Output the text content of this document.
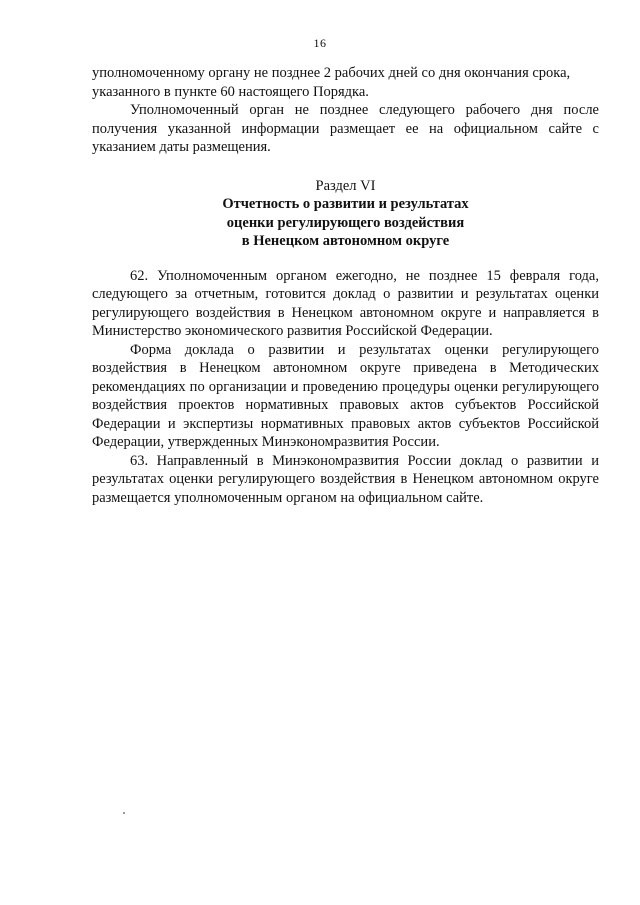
16

уполномоченному органу не позднее 2 рабочих дней со дня окончания срока,
указанного в пункте 60 настоящего Порядка.

Уполномоченный орган не позднее следующего рабочего дня после получения указанной информации размещает ее на официальном сайте с указанием даты размещения.

Раздел VI

Отчетность о развитии и результатах

оценки регулирующего воздействия

в Ненецком автономном округе

62. Уполномоченным органом ежегодно, не позднее 15 февраля года, следующего за отчетным, готовится доклад о развитии и результатах оценки регулирующего воздействия в Ненецком автономном округе и направляется в Министерство экономического развития Российской Федерации.

Форма доклада о развитии и результатах оценки регулирующего воздействия в Ненецком автономном округе приведена в Методических рекомендациях по организации и проведению процедуры оценки регулирующего воздействия проектов нормативных правовых актов субъектов Российской Федерации и экспертизы нормативных правовых актов субъектов Российской Федерации, утвержденных Минэкономразвития России.

63. Направленный в Минэкономразвития России доклад о развитии и результатах оценки регулирующего воздействия в Ненецком автономном округе размещается уполномоченным органом на официальном сайте.
